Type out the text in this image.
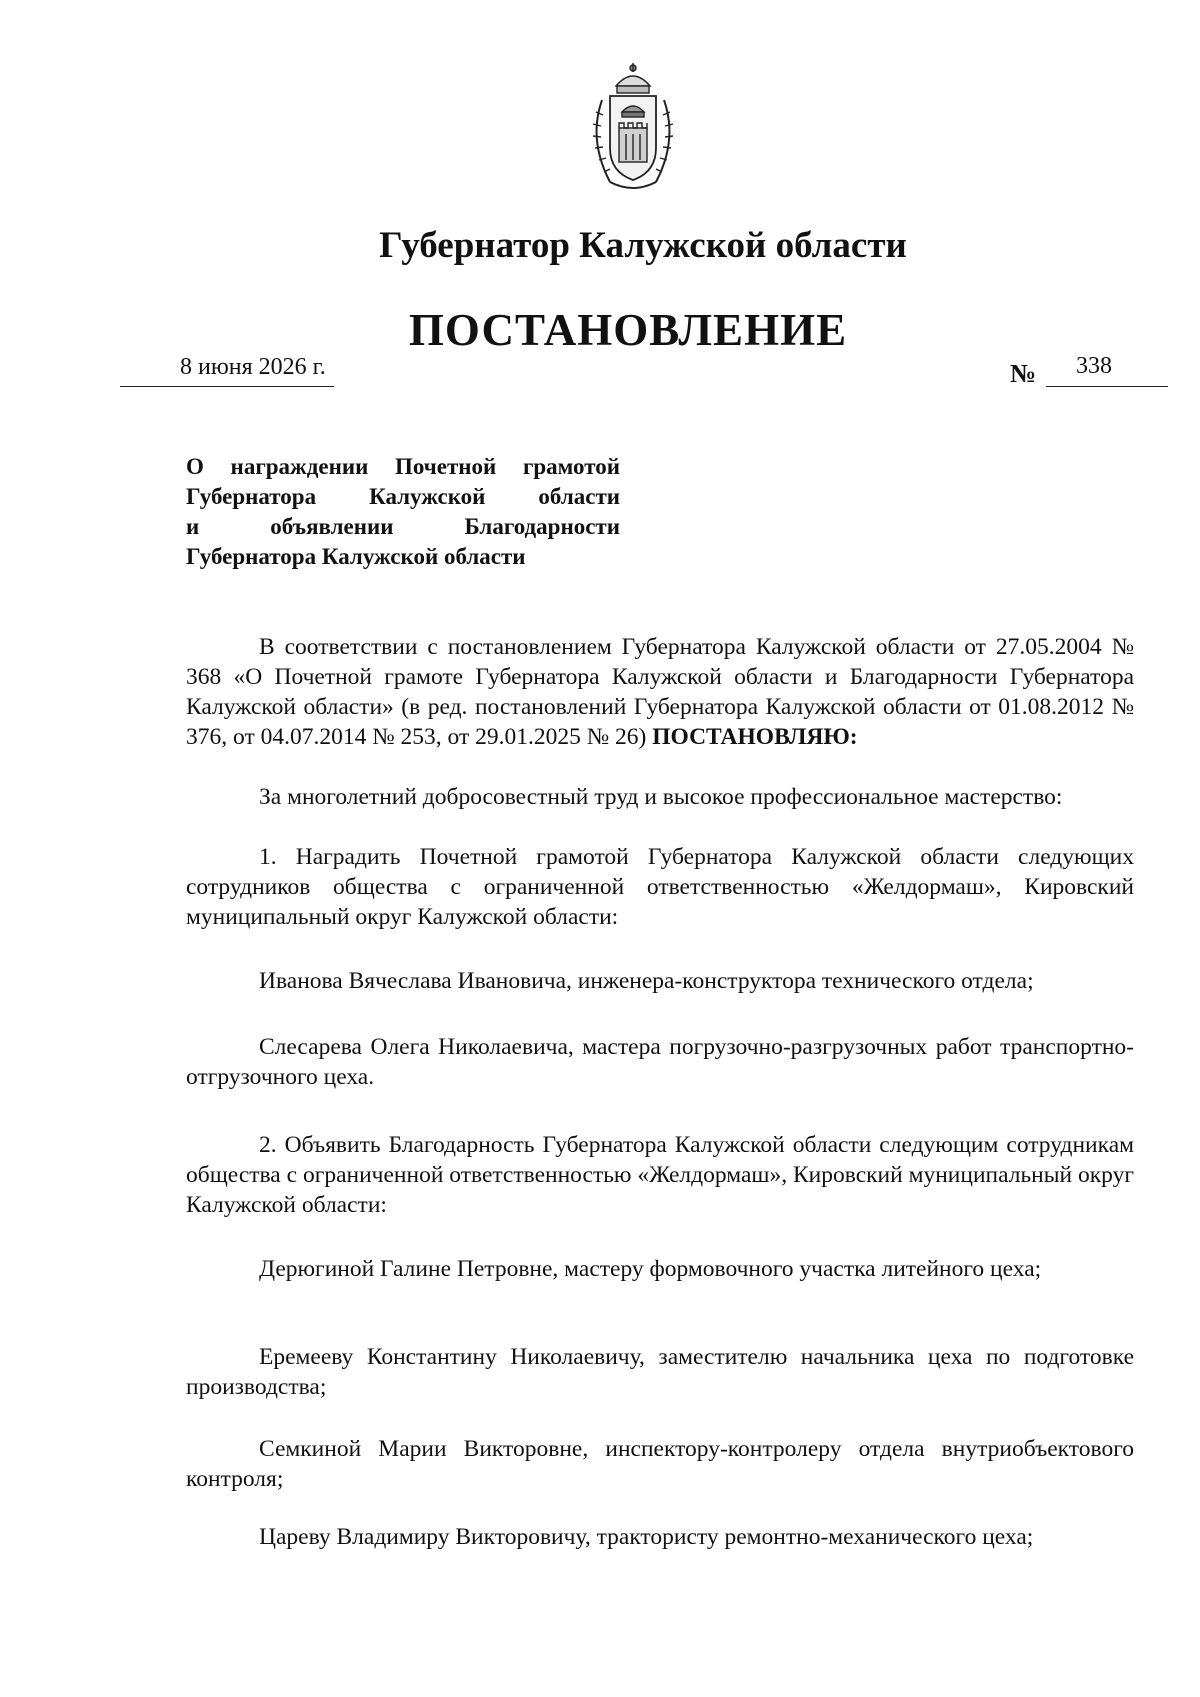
Губернатор Калужской области
ПОСТАНОВЛЕНИЕ
8 июня 2026 г.	№ 338
О награждении Почетной грамотой
Губернатора Калужской области
и объявлении Благодарности
Губернатора Калужской области

В соответствии с постановлением Губернатора Калужской области от 27.05.2004 № 368 «О Почетной грамоте Губернатора Калужской области и Благодарности Губернатора Калужской области» (в ред. постановлений Губернатора Калужской области от 01.08.2012 № 376, от 04.07.2014 № 253, от 29.01.2025 № 26) ПОСТАНОВЛЯЮ:

За многолетний добросовестный труд и высокое профессиональное мастерство:

1. Наградить Почетной грамотой Губернатора Калужской области следующих сотрудников общества с ограниченной ответственностью «Желдормаш», Кировский муниципальный округ Калужской области:

Иванова Вячеслава Ивановича, инженера-конструктора технического отдела;

Слесарева Олега Николаевича, мастера погрузочно-разгрузочных работ транспортно-отгрузочного цеха.

2. Объявить Благодарность Губернатора Калужской области следующим сотрудникам общества с ограниченной ответственностью «Желдормаш», Кировский муниципальный округ Калужской области:

Дерюгиной Галине Петровне, мастеру формовочного участка литейного цеха;

Еремееву Константину Николаевичу, заместителю начальника цеха по подготовке производства;

Семкиной Марии Викторовне, инспектору-контролеру отдела внутриобъектового контроля;

Цареву Владимиру Викторовичу, трактористу ремонтно-механического цеха;
